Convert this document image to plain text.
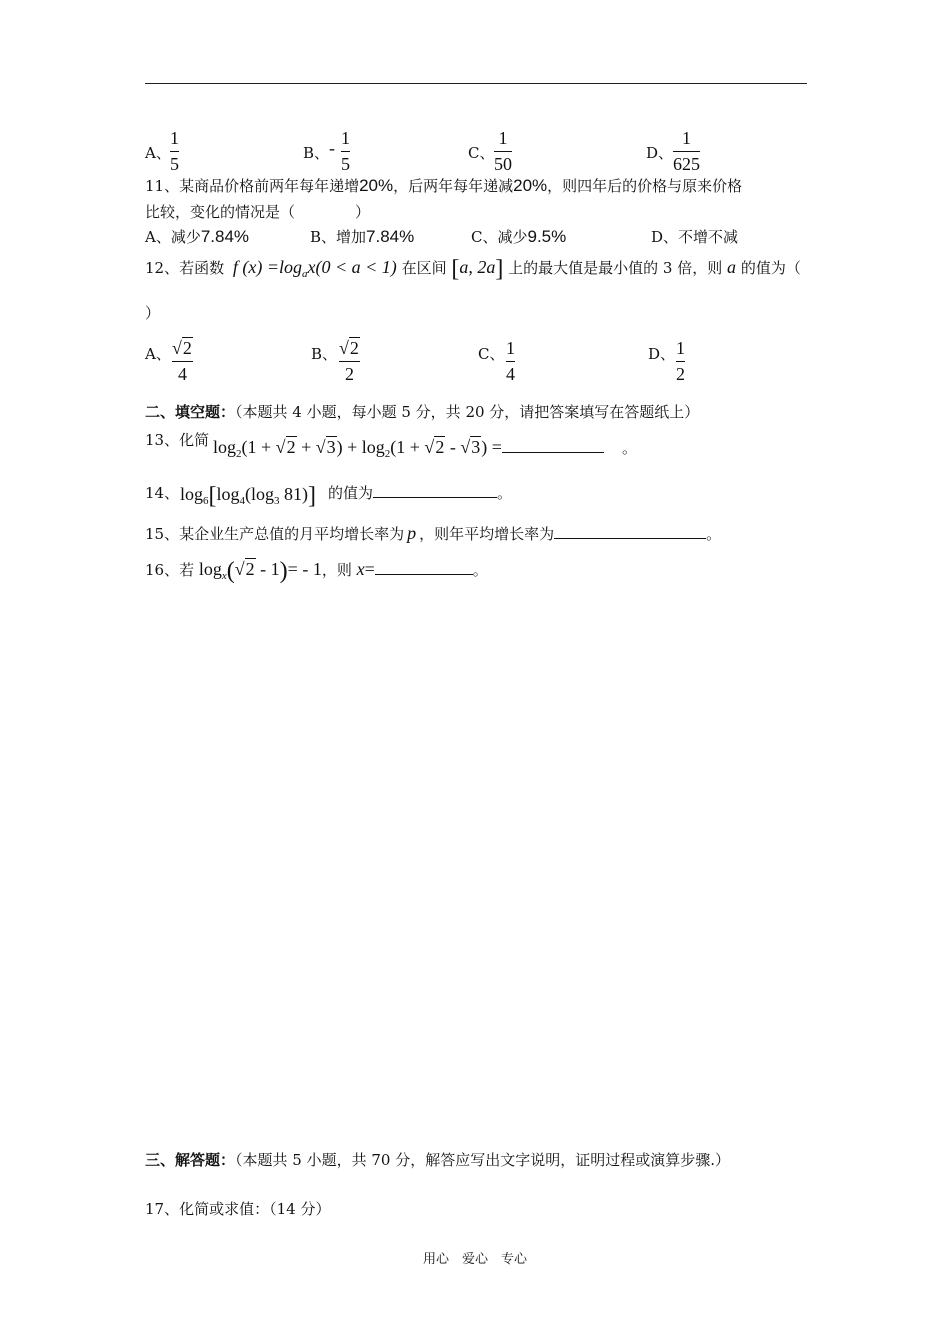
A、
1
5
B、 - 1
5
C、
1
50
D、
1
625
11、某商品价格前两年每年递增20%，后两年每年递减20%，则四年后的价格与原来价格
比较，变化的情况是（　　　　）
A、减少7.84%	B、增加7.84%	C、减少9.5%	D、不增不减
12、若函数 f $(x) =\log_ax(0 < a < 1)$ 在区间 [a, 2a] 上的最大值是最小值的 3 倍，则 a 的值为（
）
A、 √2
4
B、 √2
2
C、 1
4
D、 1
2
二、填空题：（本题共 4 小题，每小题 5 分，共 20 分，请把答案填写在答题纸上）
13、化简 $\log_2(1 + √2 + √3) + \log_2(1 + √2 - √3)$ =	。
14、 $\log_6[\log_4(\log_3$ 81)] 的值为	。
15、某企业生产总值的月平均增长率为 p ，则年平均增长率为	。
16、若 $\log_x(√2 - 1)= - 1$，则 x=	。
三、解答题：（本题共 5 小题，共 70 分，解答应写出文字说明，证明过程或演算步骤.）
17、化简或求值：（14 分）
用心　爱心　专心
